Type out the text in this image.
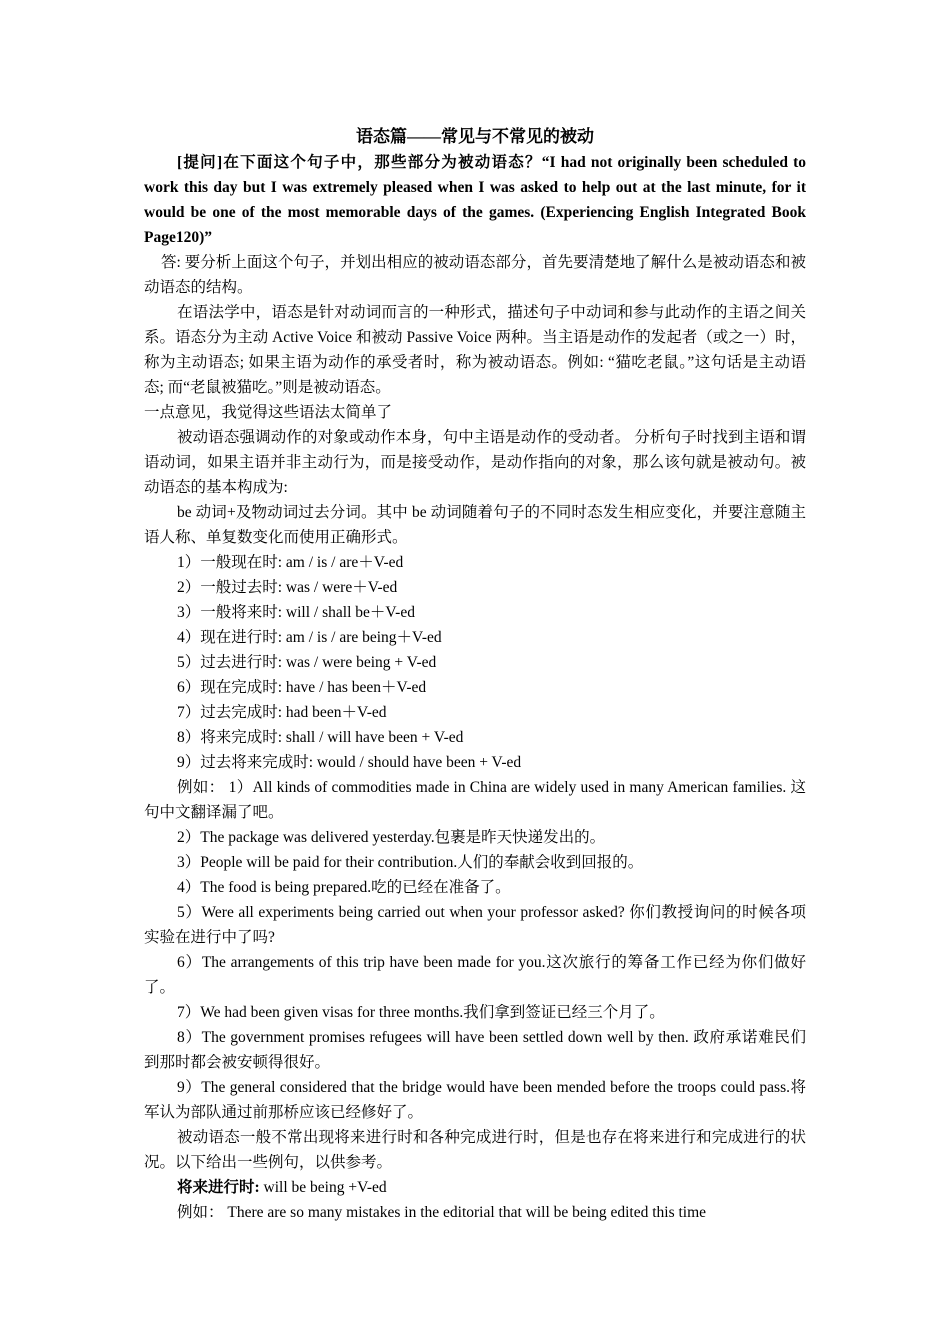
语态篇——常见与不常见的被动

[提问]在下面这个句子中，那些部分为被动语态？“I had not originally been scheduled to work this day but I was extremely pleased when I was asked to help out at the last minute, for it would be one of the most memorable days of the games. (Experiencing English Integrated Book Page120)”

答: 要分析上面这个句子，并划出相应的被动语态部分，首先要清楚地了解什么是被动语态和被动语态的结构。

在语法学中，语态是针对动词而言的一种形式，描述句子中动词和参与此动作的主语之间关系。语态分为主动 Active Voice 和被动 Passive Voice 两种。当主语是动作的发起者（或之一）时，称为主动语态; 如果主语为动作的承受者时，称为被动语态。例如: “猫吃老鼠。”这句话是主动语态; 而“老鼠被猫吃。”则是被动语态。

一点意见，我觉得这些语法太简单了

被动语态强调动作的对象或动作本身，句中主语是动作的受动者。 分析句子时找到主语和谓语动词，如果主语并非主动行为，而是接受动作，是动作指向的对象，那么该句就是被动句。被动语态的基本构成为:

be 动词+及物动词过去分词。其中 be 动词随着句子的不同时态发生相应变化，并要注意随主语人称、单复数变化而使用正确形式。

1）一般现在时: am / is / are＋V-ed

2）一般过去时: was / were＋V-ed

3）一般将来时: will / shall be＋V-ed

4）现在进行时: am / is / are being＋V-ed

5）过去进行时: was / were being + V-ed

6）现在完成时: have / has been＋V-ed

7）过去完成时: had been＋V-ed

8）将来完成时: shall / will have been + V-ed

9）过去将来完成时: would / should have been + V-ed

例如： 1）All kinds of commodities made in China are widely used in many American families. 这句中文翻译漏了吧。

2）The package was delivered yesterday.包裹是昨天快递发出的。

3）People will be paid for their contribution.人们的奉献会收到回报的。

4）The food is being prepared.吃的已经在准备了。

5）Were all experiments being carried out when your professor asked? 你们教授询问的时候各项实验在进行中了吗?

6）The arrangements of this trip have been made for you.这次旅行的筹备工作已经为你们做好了。

7）We had been given visas for three months.我们拿到签证已经三个月了。

8）The government promises refugees will have been settled down well by then. 政府承诺难民们到那时都会被安顿得很好。

9）The general considered that the bridge would have been mended before the troops could pass.将军认为部队通过前那桥应该已经修好了。

被动语态一般不常出现将来进行时和各种完成进行时，但是也存在将来进行和完成进行的状况。以下给出一些例句，以供参考。

将来进行时: will be being +V-ed

例如： There are so many mistakes in the editorial that will be being edited this time
